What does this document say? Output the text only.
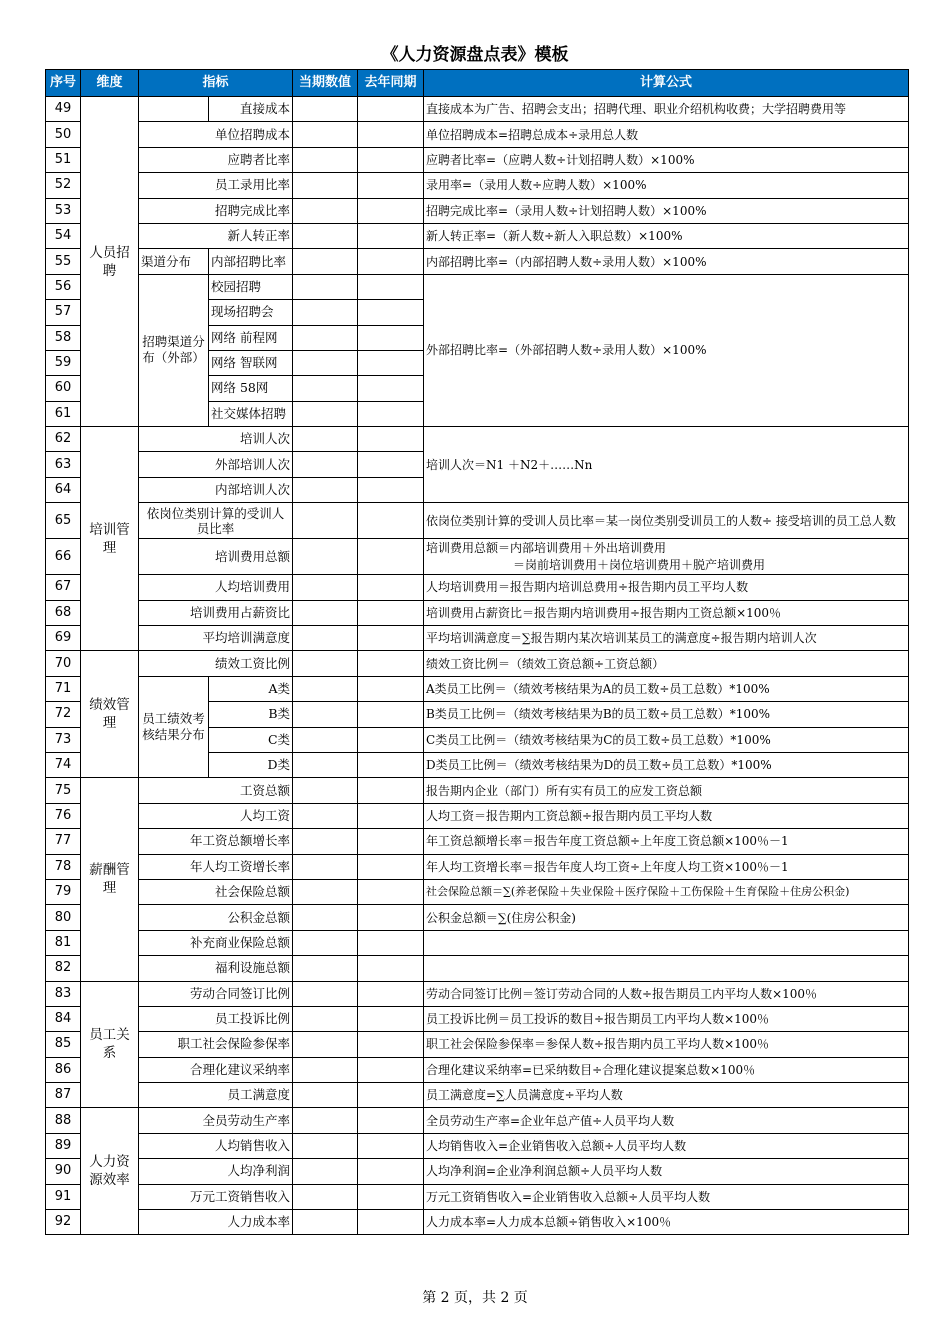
《人力资源盘点表》模板
序号	维度	指标		当期数值	去年同期	计算公式
49	人员招聘		直接成本			直接成本为广告、招聘会支出；招聘代理、职业介绍机构收费；大学招聘费用等
50		单位招聘成本				单位招聘成本=招聘总成本÷录用总人数
51		应聘者比率				应聘者比率=（应聘人数÷计划招聘人数）×100%
52		员工录用比率				录用率=（录用人数÷应聘人数）×100%
53		招聘完成比率				招聘完成比率=（录用人数÷计划招聘人数）×100%
54		新人转正率				新人转正率=（新人数÷新人入职总数）×100%
55		渠道分布	内部招聘比率			内部招聘比率=（内部招聘人数÷录用人数）×100%
56		招聘渠道分布（外部）	校园招聘			外部招聘比率=（外部招聘人数÷录用人数）×100%
57			现场招聘会			
58			网络 前程网			
59			网络 智联网			
60			网络 58网			
61			社交媒体招聘			
62	培训管理	培训人次				培训人次＝N1 ＋N2＋……Nn
63		外部培训人次				
64		内部培训人次				
65		依岗位类别计算的受训人员比率				依岗位类别计算的受训人员比率＝某一岗位类别受训员工的人数÷ 接受培训的员工总人数
66		培训费用总额				培训费用总额＝内部培训费用＋外出培训费用
＝岗前培训费用＋岗位培训费用＋脱产培训费用

67		人均培训费用				人均培训费用＝报告期内培训总费用÷报告期内员工平均人数
68		培训费用占薪资比				培训费用占薪资比＝报告期内培训费用÷报告期内工资总额×100％
69		平均培训满意度				平均培训满意度＝∑报告期内某次培训某员工的满意度÷报告期内培训人次
70	绩效管理	绩效工资比例				绩效工资比例＝（绩效工资总额÷工资总额）
71		员工绩效考核结果分布	A类			A类员工比例＝（绩效考核结果为A的员工数÷员工总数）*100%
72			B类			B类员工比例＝（绩效考核结果为B的员工数÷员工总数）*100%
73			C类			C类员工比例＝（绩效考核结果为C的员工数÷员工总数）*100%
74			D类			D类员工比例＝（绩效考核结果为D的员工数÷员工总数）*100%
75	薪酬管理	工资总额				报告期内企业（部门）所有实有员工的应发工资总额
76		人均工资				人均工资＝报告期内工资总额÷报告期内员工平均人数
77		年工资总额增长率				年工资总额增长率＝报告年度工资总额÷上年度工资总额×100％－1
78		年人均工资增长率				年人均工资增长率＝报告年度人均工资÷上年度人均工资×100％－1
79		社会保险总额				社会保险总额＝∑(养老保险＋失业保险＋医疗保险＋工伤保险＋生育保险＋住房公积金)
80		公积金总额				公积金总额＝∑(住房公积金)
81		补充商业保险总额				
82		福利设施总额				
83	员工关系	劳动合同签订比例				劳动合同签订比例＝签订劳动合同的人数÷报告期员工内平均人数×100％
84		员工投诉比例				员工投诉比例＝员工投诉的数目÷报告期员工内平均人数×100％
85		职工社会保险参保率				职工社会保险参保率＝参保人数÷报告期内员工平均人数×100％
86		合理化建议采纳率				合理化建议采纳率=已采纳数目÷合理化建议提案总数×100％
87		员工满意度				员工满意度=∑人员满意度÷平均人数
88	人力资源效率	全员劳动生产率				全员劳动生产率=企业年总产值÷人员平均人数
89		人均销售收入				人均销售收入=企业销售收入总额÷人员平均人数
90		人均净利润				人均净利润=企业净利润总额÷人员平均人数
91		万元工资销售收入				万元工资销售收入=企业销售收入总额÷人员平均人数
92		人力成本率				人力成本率=人力成本总额÷销售收入×100％
第 2 页，共 2 页
